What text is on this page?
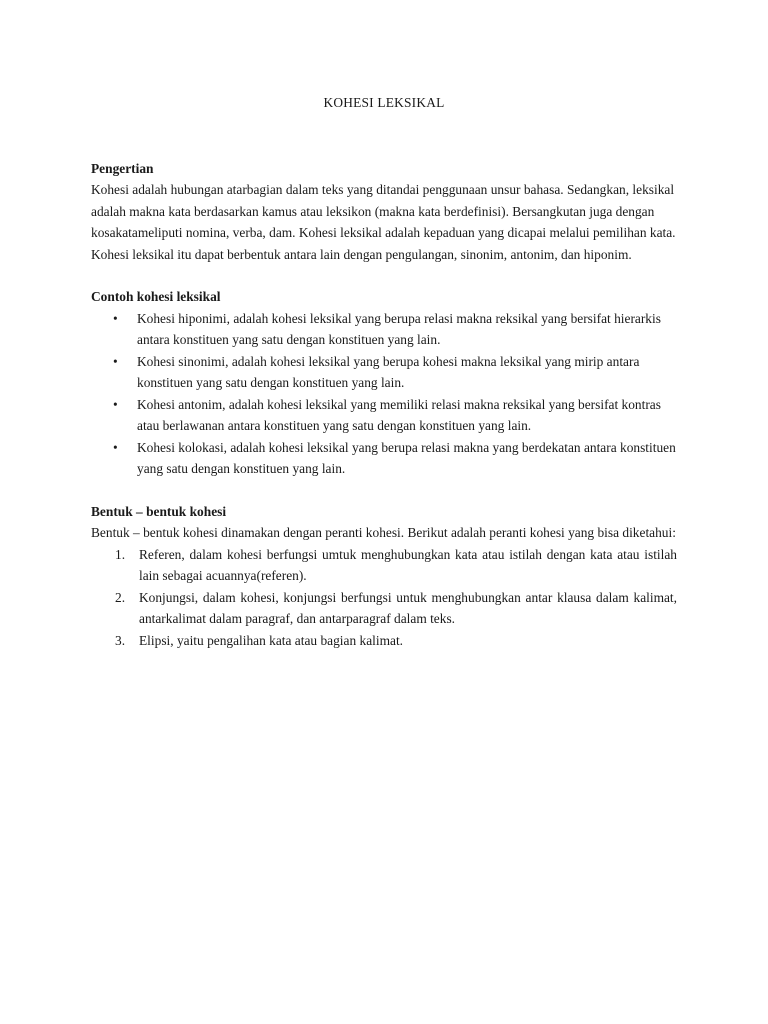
KOHESI LEKSIKAL

Pengertian

Kohesi adalah hubungan atarbagian dalam teks yang ditandai penggunaan unsur bahasa. Sedangkan, leksikal adalah makna kata berdasarkan kamus atau leksikon (makna kata berdefinisi). Bersangkutan juga dengan kosakatameliputi nomina, verba, dam. Kohesi leksikal adalah kepaduan yang dicapai melalui pemilihan kata. Kohesi leksikal itu dapat berbentuk antara lain dengan pengulangan, sinonim, antonim, dan hiponim.

Contoh kohesi leksikal

• Kohesi hiponimi, adalah kohesi leksikal yang berupa relasi makna reksikal yang bersifat hierarkis antara konstituen yang satu dengan konstituen yang lain.
• Kohesi sinonimi, adalah kohesi leksikal yang berupa kohesi makna leksikal yang mirip antara konstituen yang satu dengan konstituen yang lain.
• Kohesi antonim, adalah kohesi leksikal yang memiliki relasi makna reksikal yang bersifat kontras atau berlawanan antara konstituen yang satu dengan konstituen yang lain.
• Kohesi kolokasi, adalah kohesi leksikal yang berupa relasi makna yang berdekatan antara konstituen yang satu dengan konstituen yang lain.

Bentuk – bentuk kohesi

Bentuk – bentuk kohesi dinamakan dengan peranti kohesi. Berikut adalah peranti kohesi yang bisa diketahui:

1. Referen, dalam kohesi berfungsi umtuk menghubungkan kata atau istilah dengan kata atau istilah lain sebagai acuannya(referen).
2. Konjungsi, dalam kohesi, konjungsi berfungsi untuk menghubungkan antar klausa dalam kalimat, antarkalimat dalam paragraf, dan antarparagraf dalam teks.
3. Elipsi, yaitu pengalihan kata atau bagian kalimat.
